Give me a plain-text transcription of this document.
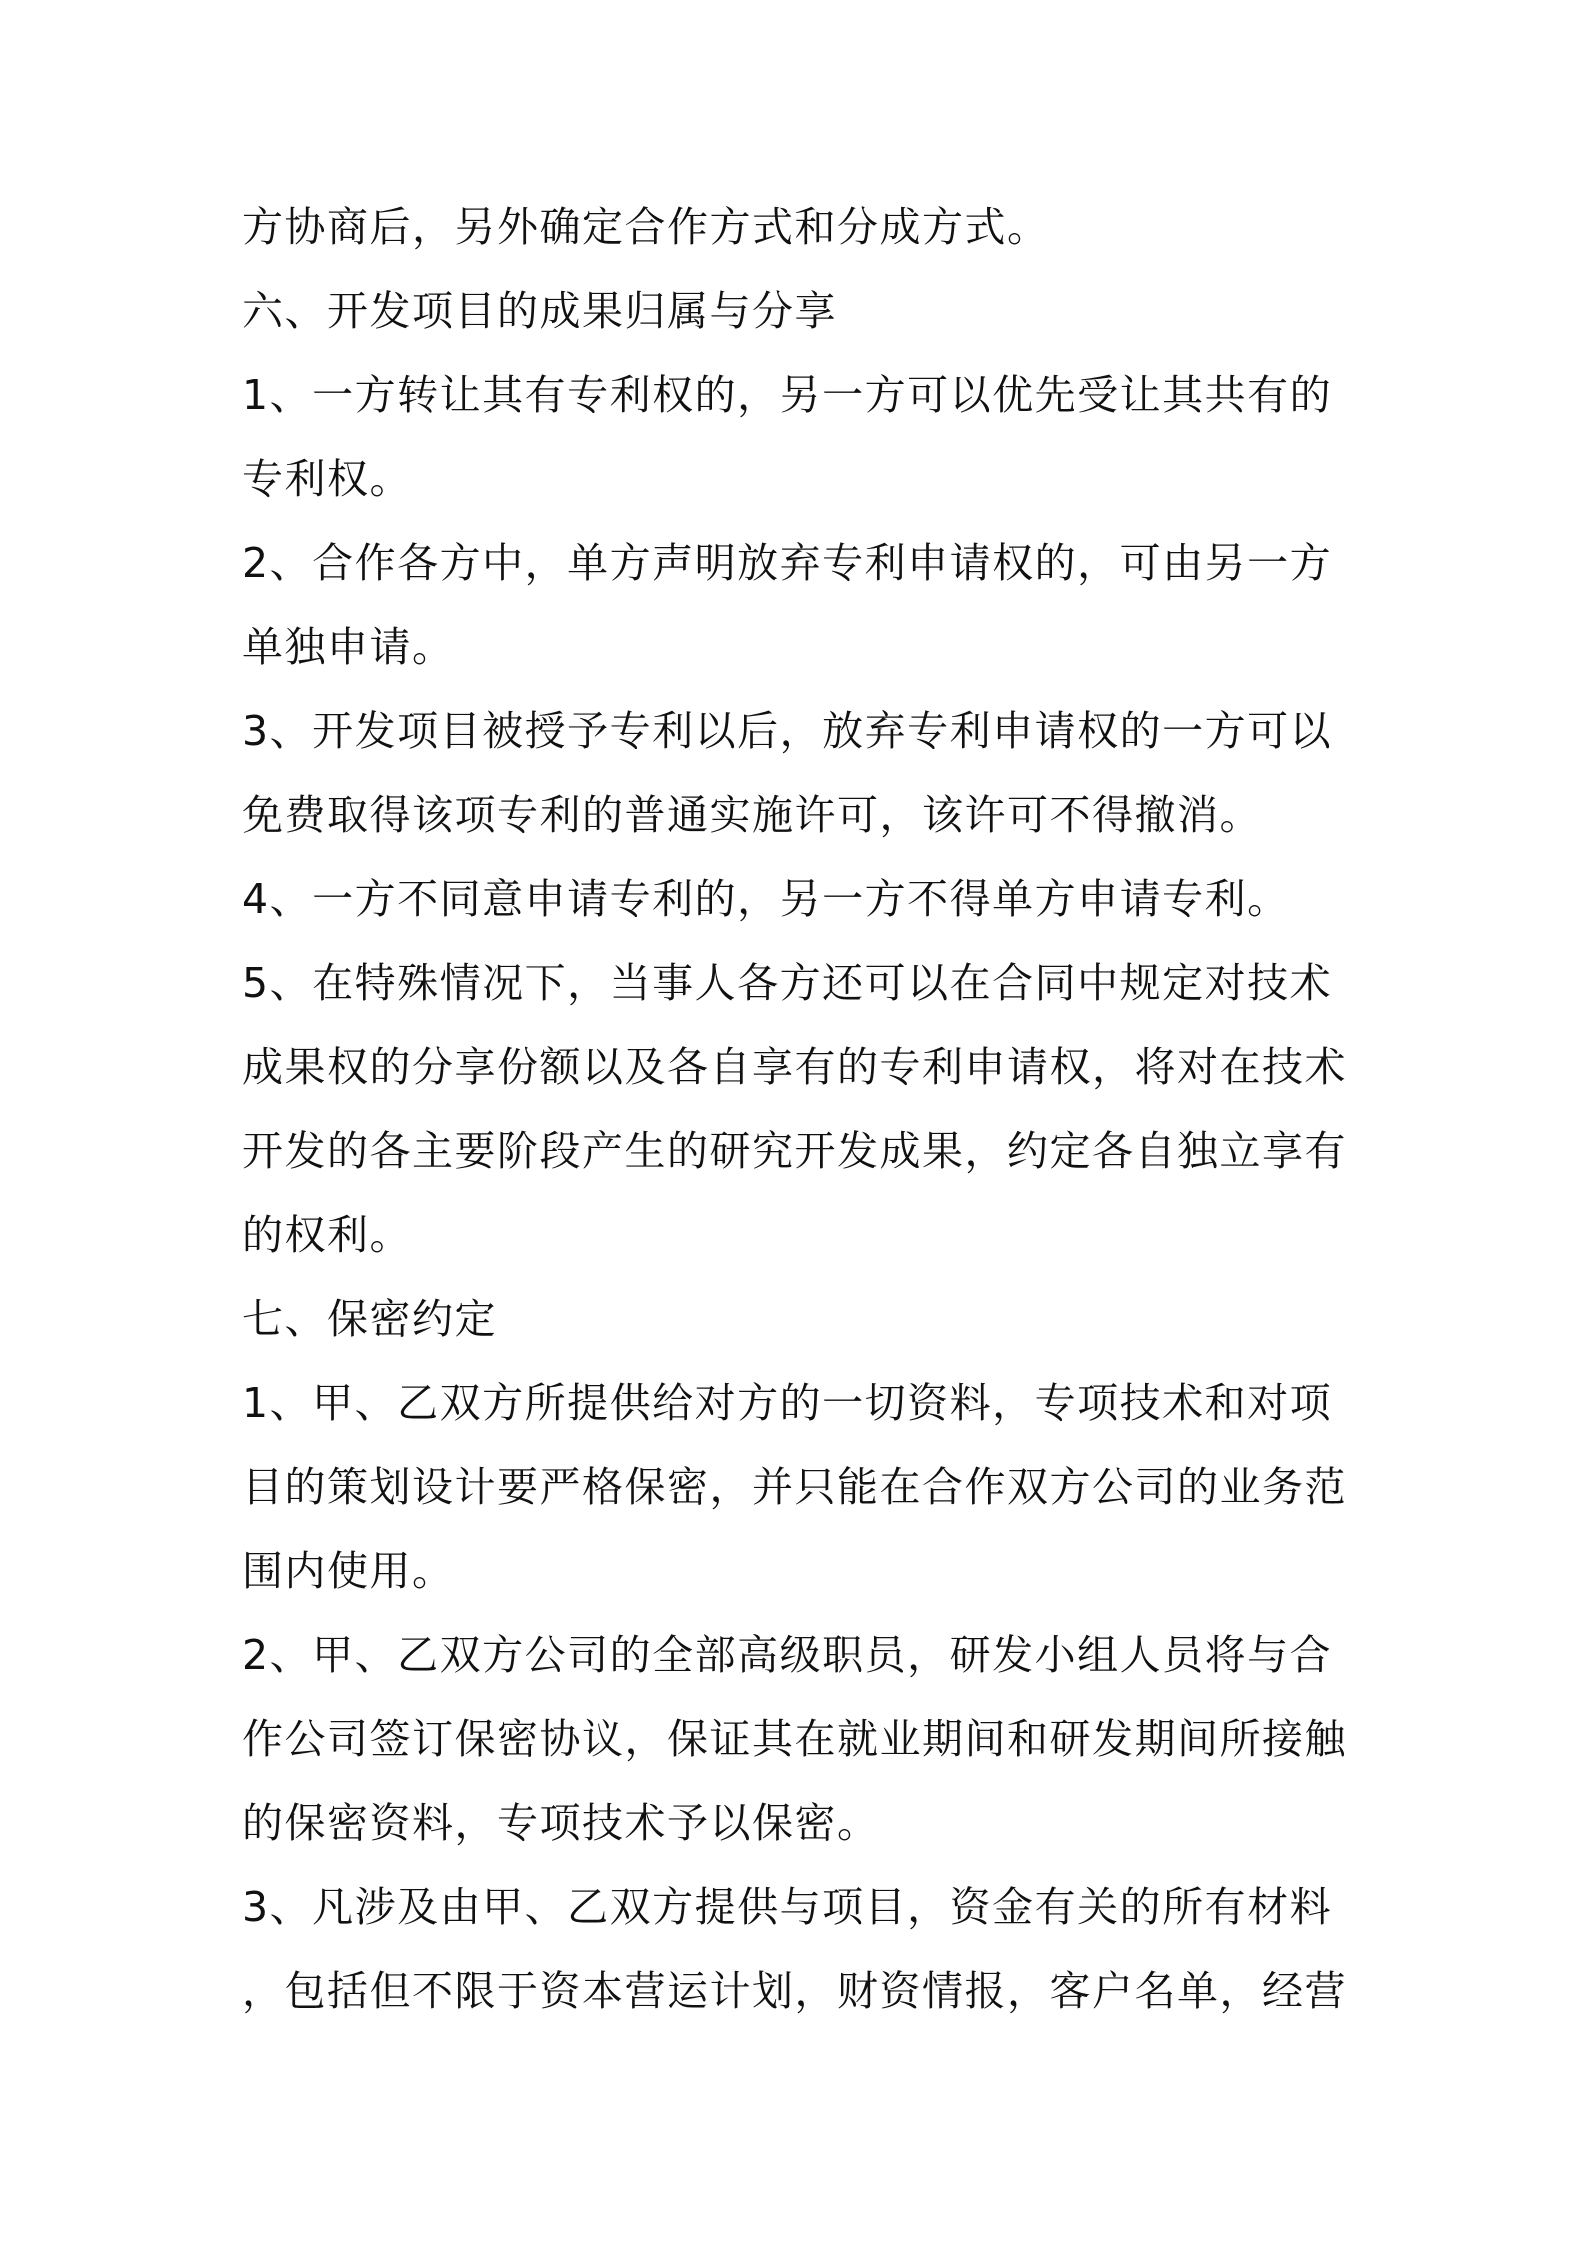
方协商后，另外确定合作方式和分成方式。
六、开发项目的成果归属与分享
1、一方转让其有专利权的，另一方可以优先受让其共有的
专利权。
2、合作各方中，单方声明放弃专利申请权的，可由另一方
单独申请。
3、开发项目被授予专利以后，放弃专利申请权的一方可以
免费取得该项专利的普通实施许可，该许可不得撤消。
4、一方不同意申请专利的，另一方不得单方申请专利。
5、在特殊情况下，当事人各方还可以在合同中规定对技术
成果权的分享份额以及各自享有的专利申请权，将对在技术
开发的各主要阶段产生的研究开发成果，约定各自独立享有
的权利。
七、保密约定
1、甲、乙双方所提供给对方的一切资料，专项技术和对项
目的策划设计要严格保密，并只能在合作双方公司的业务范
围内使用。
2、甲、乙双方公司的全部高级职员，研发小组人员将与合
作公司签订保密协议，保证其在就业期间和研发期间所接触
的保密资料，专项技术予以保密。
3、凡涉及由甲、乙双方提供与项目，资金有关的所有材料
，包括但不限于资本营运计划，财资情报，客户名单，经营
